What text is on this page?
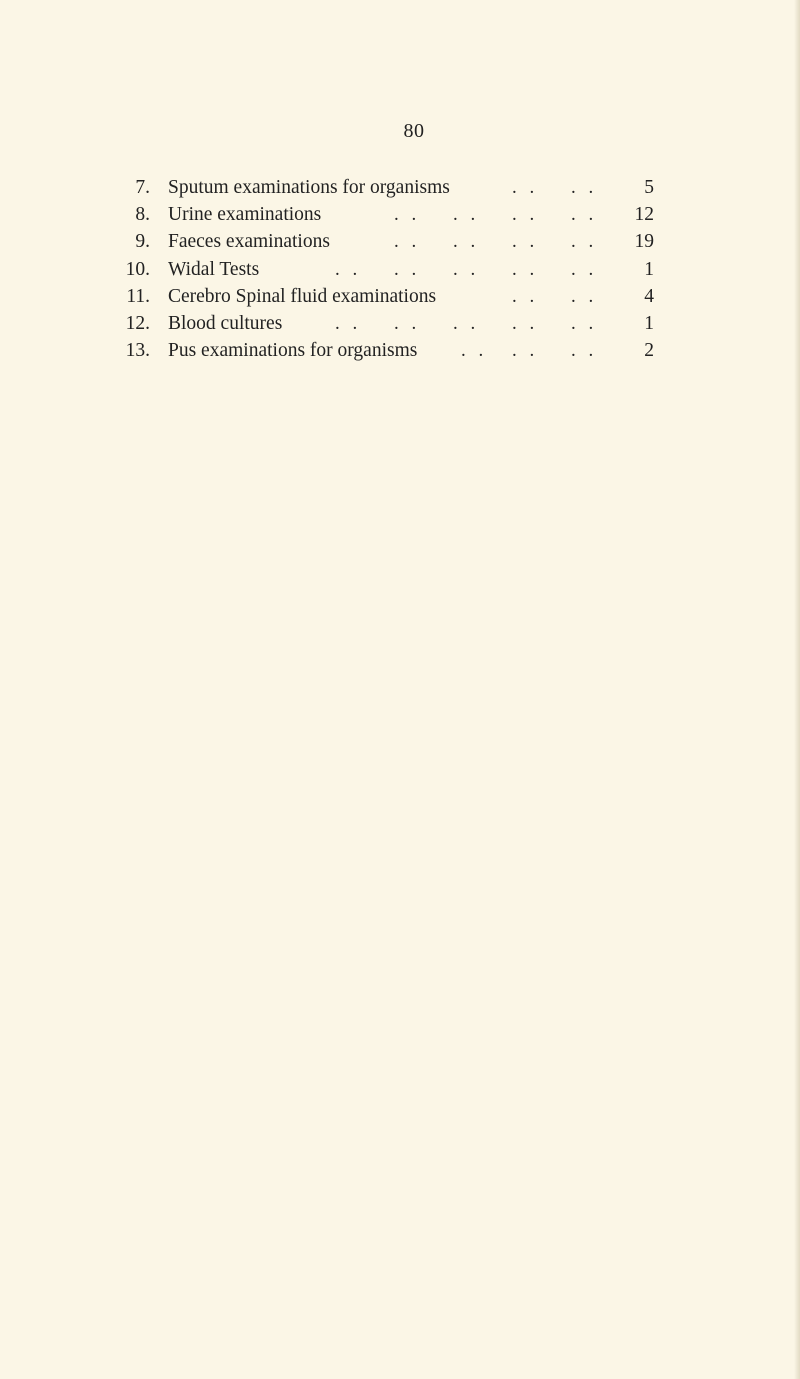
80
7. Sputum examinations for organisms	. . . .	5
8. Urine examinations	. . . . . . . .	12
9. Faeces examinations	. . . . . . . .	19
10. Widal Tests	. . . . . . . . . .	1
11. Cerebro Spinal fluid examinations	. . . .	4
12. Blood cultures	. . . . . . . . . .	1
13. Pus examinations for organisms . . . . . .	2
